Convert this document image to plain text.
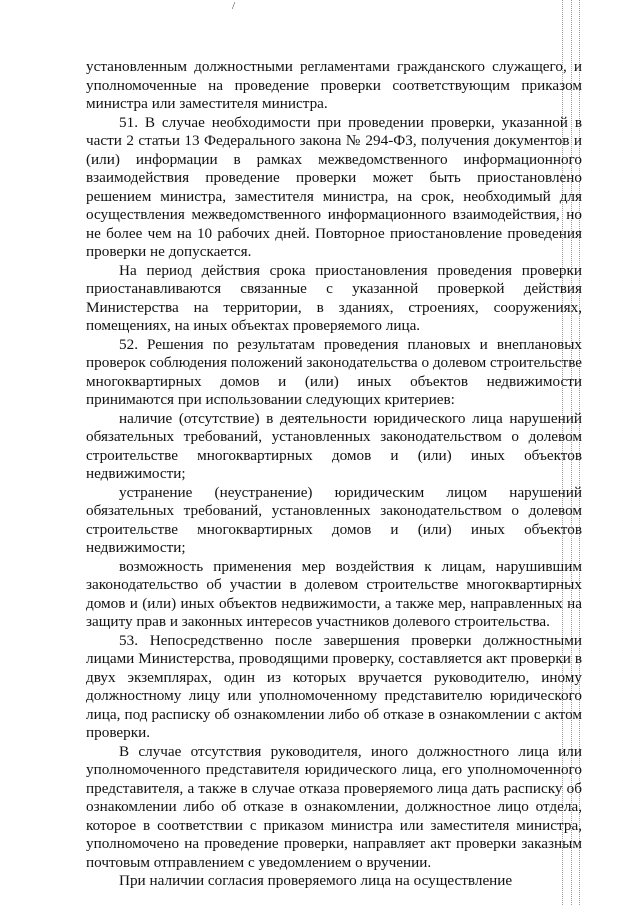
/

установленным должностными регламентами гражданского служащего, и уполномоченные на проведение проверки соответствующим приказом министра или заместителя министра.

51. В случае необходимости при проведении проверки, указанной в части 2 статьи 13 Федерального закона № 294-ФЗ, получения документов и (или) информации в рамках межведомственного информационного взаимодействия проведение проверки может быть приостановлено решением министра, заместителя министра, на срок, необходимый для осуществления межведомственного информационного взаимодействия, но не более чем на 10 рабочих дней. Повторное приостановление проведения проверки не допускается.

На период действия срока приостановления проведения проверки приостанавливаются связанные с указанной проверкой действия Министерства на территории, в зданиях, строениях, сооружениях, помещениях, на иных объектах проверяемого лица.

52. Решения по результатам проведения плановых и внеплановых проверок соблюдения положений законодательства о долевом строительстве многоквартирных домов и (или) иных объектов недвижимости принимаются при использовании следующих критериев:

наличие (отсутствие) в деятельности юридического лица нарушений обязательных требований, установленных законодательством о долевом строительстве многоквартирных домов и (или) иных объектов недвижимости;

устранение (неустранение) юридическим лицом нарушений обязательных требований, установленных законодательством о долевом строительстве многоквартирных домов и (или) иных объектов недвижимости;

возможность применения мер воздействия к лицам, нарушившим законодательство об участии в долевом строительстве многоквартирных домов и (или) иных объектов недвижимости, а также мер, направленных на защиту прав и законных интересов участников долевого строительства.

53. Непосредственно после завершения проверки должностными лицами Министерства, проводящими проверку, составляется акт проверки в двух экземплярах, один из которых вручается руководителю, иному должностному лицу или уполномоченному представителю юридического лица, под расписку об ознакомлении либо об отказе в ознакомлении с актом проверки.

В случае отсутствия руководителя, иного должностного лица или уполномоченного представителя юридического лица, его уполномоченного представителя, а также в случае отказа проверяемого лица дать расписку об ознакомлении либо об отказе в ознакомлении, должностное лицо отдела, которое в соответствии с приказом министра или заместителя министра, уполномочено на проведение проверки, направляет акт проверки заказным почтовым отправлением с уведомлением о вручении.

При наличии согласия проверяемого лица на осуществление
